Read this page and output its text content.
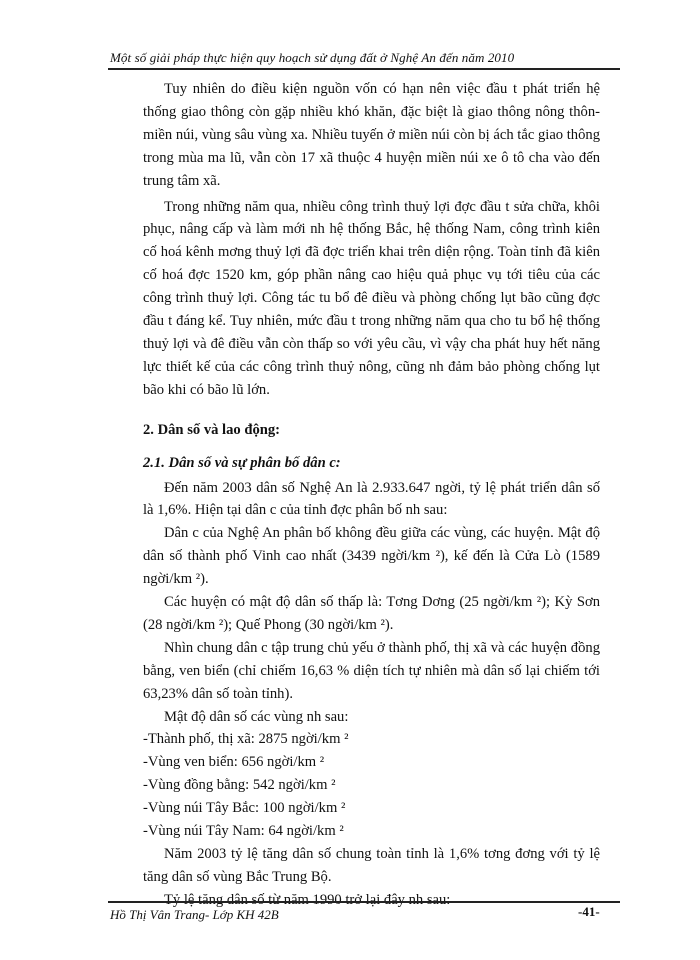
Một số giải pháp thực hiện quy hoạch sử dụng đất ở Nghệ An đến năm 2010

Tuy nhiên do điều kiện nguồn vốn có hạn nên việc đầu t phát triển hệ thống giao thông còn gặp nhiều khó khăn, đặc biệt là giao thông nông thôn-miền núi, vùng sâu vùng xa. Nhiều tuyến ở miền núi còn bị ách tắc giao thông trong mùa ma lũ, vẫn còn 17 xã thuộc 4 huyện miền núi xe ô tô cha vào đến trung tâm xã.

Trong những năm qua, nhiều công trình thuỷ lợi đợc đầu t sửa chữa, khôi phục, nâng cấp và làm mới nh hệ thống Bắc, hệ thống Nam, công trình kiên cố hoá kênh mơng thuỷ lợi đã đợc triển khai trên diện rộng. Toàn tỉnh đã kiên cố hoá đợc 1520 km, góp phần nâng cao hiệu quả phục vụ tới tiêu của các công trình thuỷ lợi. Công tác tu bổ đê điều và phòng chống lụt bão cũng đợc đầu t đáng kể. Tuy nhiên, mức đầu t trong những năm qua cho tu bổ hệ thống thuỷ lợi và đê điều vẫn còn thấp so với yêu cầu, vì vậy cha phát huy hết năng lực thiết kế của các công trình thuỷ nông, cũng nh đảm bảo phòng chống lụt bão khi có bão lũ lớn.

2. Dân số và lao động:

2.1. Dân số và sự phân bố dân c:

Đến năm 2003 dân số Nghệ An là 2.933.647 ngời, tỷ lệ phát triển dân số là 1,6%. Hiện tại dân c của tỉnh đợc phân bố nh sau:

Dân c của Nghệ An phân bố không đều giữa các vùng, các huyện. Mật độ dân số thành phố Vinh cao nhất (3439 ngời/km ²), kế đến là Cửa Lò (1589 ngời/km ²).

Các huyện có mật độ dân số thấp là: Tơng Dơng (25 ngời/km ²); Kỳ Sơn (28 ngời/km ²); Quế Phong (30 ngời/km ²).

Nhìn chung dân c tập trung chủ yếu ở thành phố, thị xã và các huyện đồng bằng, ven biển (chỉ chiếm 16,63 % diện tích tự nhiên mà dân số lại chiếm tới 63,23% dân số toàn tỉnh).

Mật độ dân số các vùng nh sau:

-Thành phố, thị xã: 2875 ngời/km ²

-Vùng ven biển: 656 ngời/km ²

-Vùng đồng bằng: 542 ngời/km ²

-Vùng núi Tây Bắc: 100 ngời/km ²

-Vùng núi Tây Nam: 64 ngời/km ²

Năm 2003 tỷ lệ tăng dân số chung toàn tỉnh là 1,6% tơng đơng với tỷ lệ tăng dân số vùng Bắc Trung Bộ.

Tỷ lệ tăng dân số từ năm 1990 trở lại đây nh sau:

Hồ Thị Vân Trang- Lớp KH 42B	-41-
